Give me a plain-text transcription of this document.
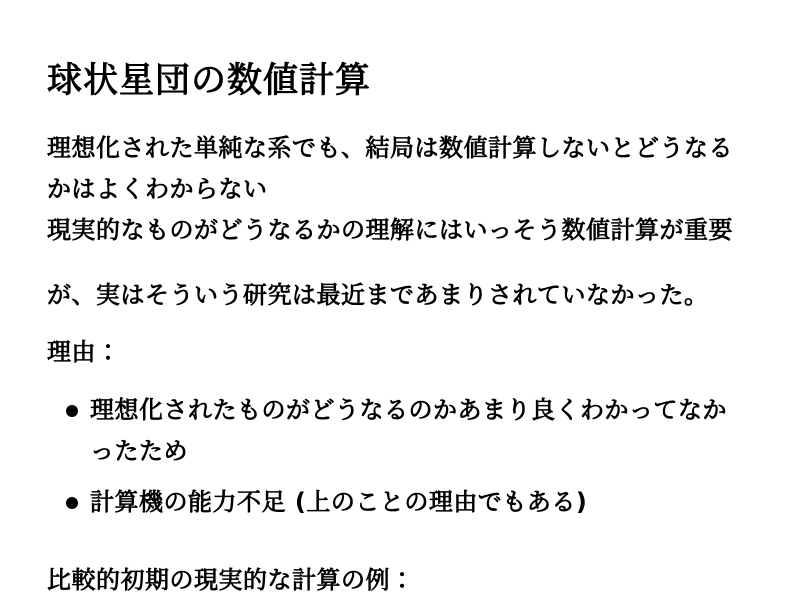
球状星団の数値計算

理想化された単純な系でも、結局は数値計算しないとどうなるかはよくわからない

現実的なものがどうなるかの理解にはいっそう数値計算が重要

が、実はそういう研究は最近まであまりされていなかった。

理由：

理想化されたものがどうなるのかあまり良くわかってなかったため
計算機の能力不足 (上のことの理由でもある)

比較的初期の現実的な計算の例：
